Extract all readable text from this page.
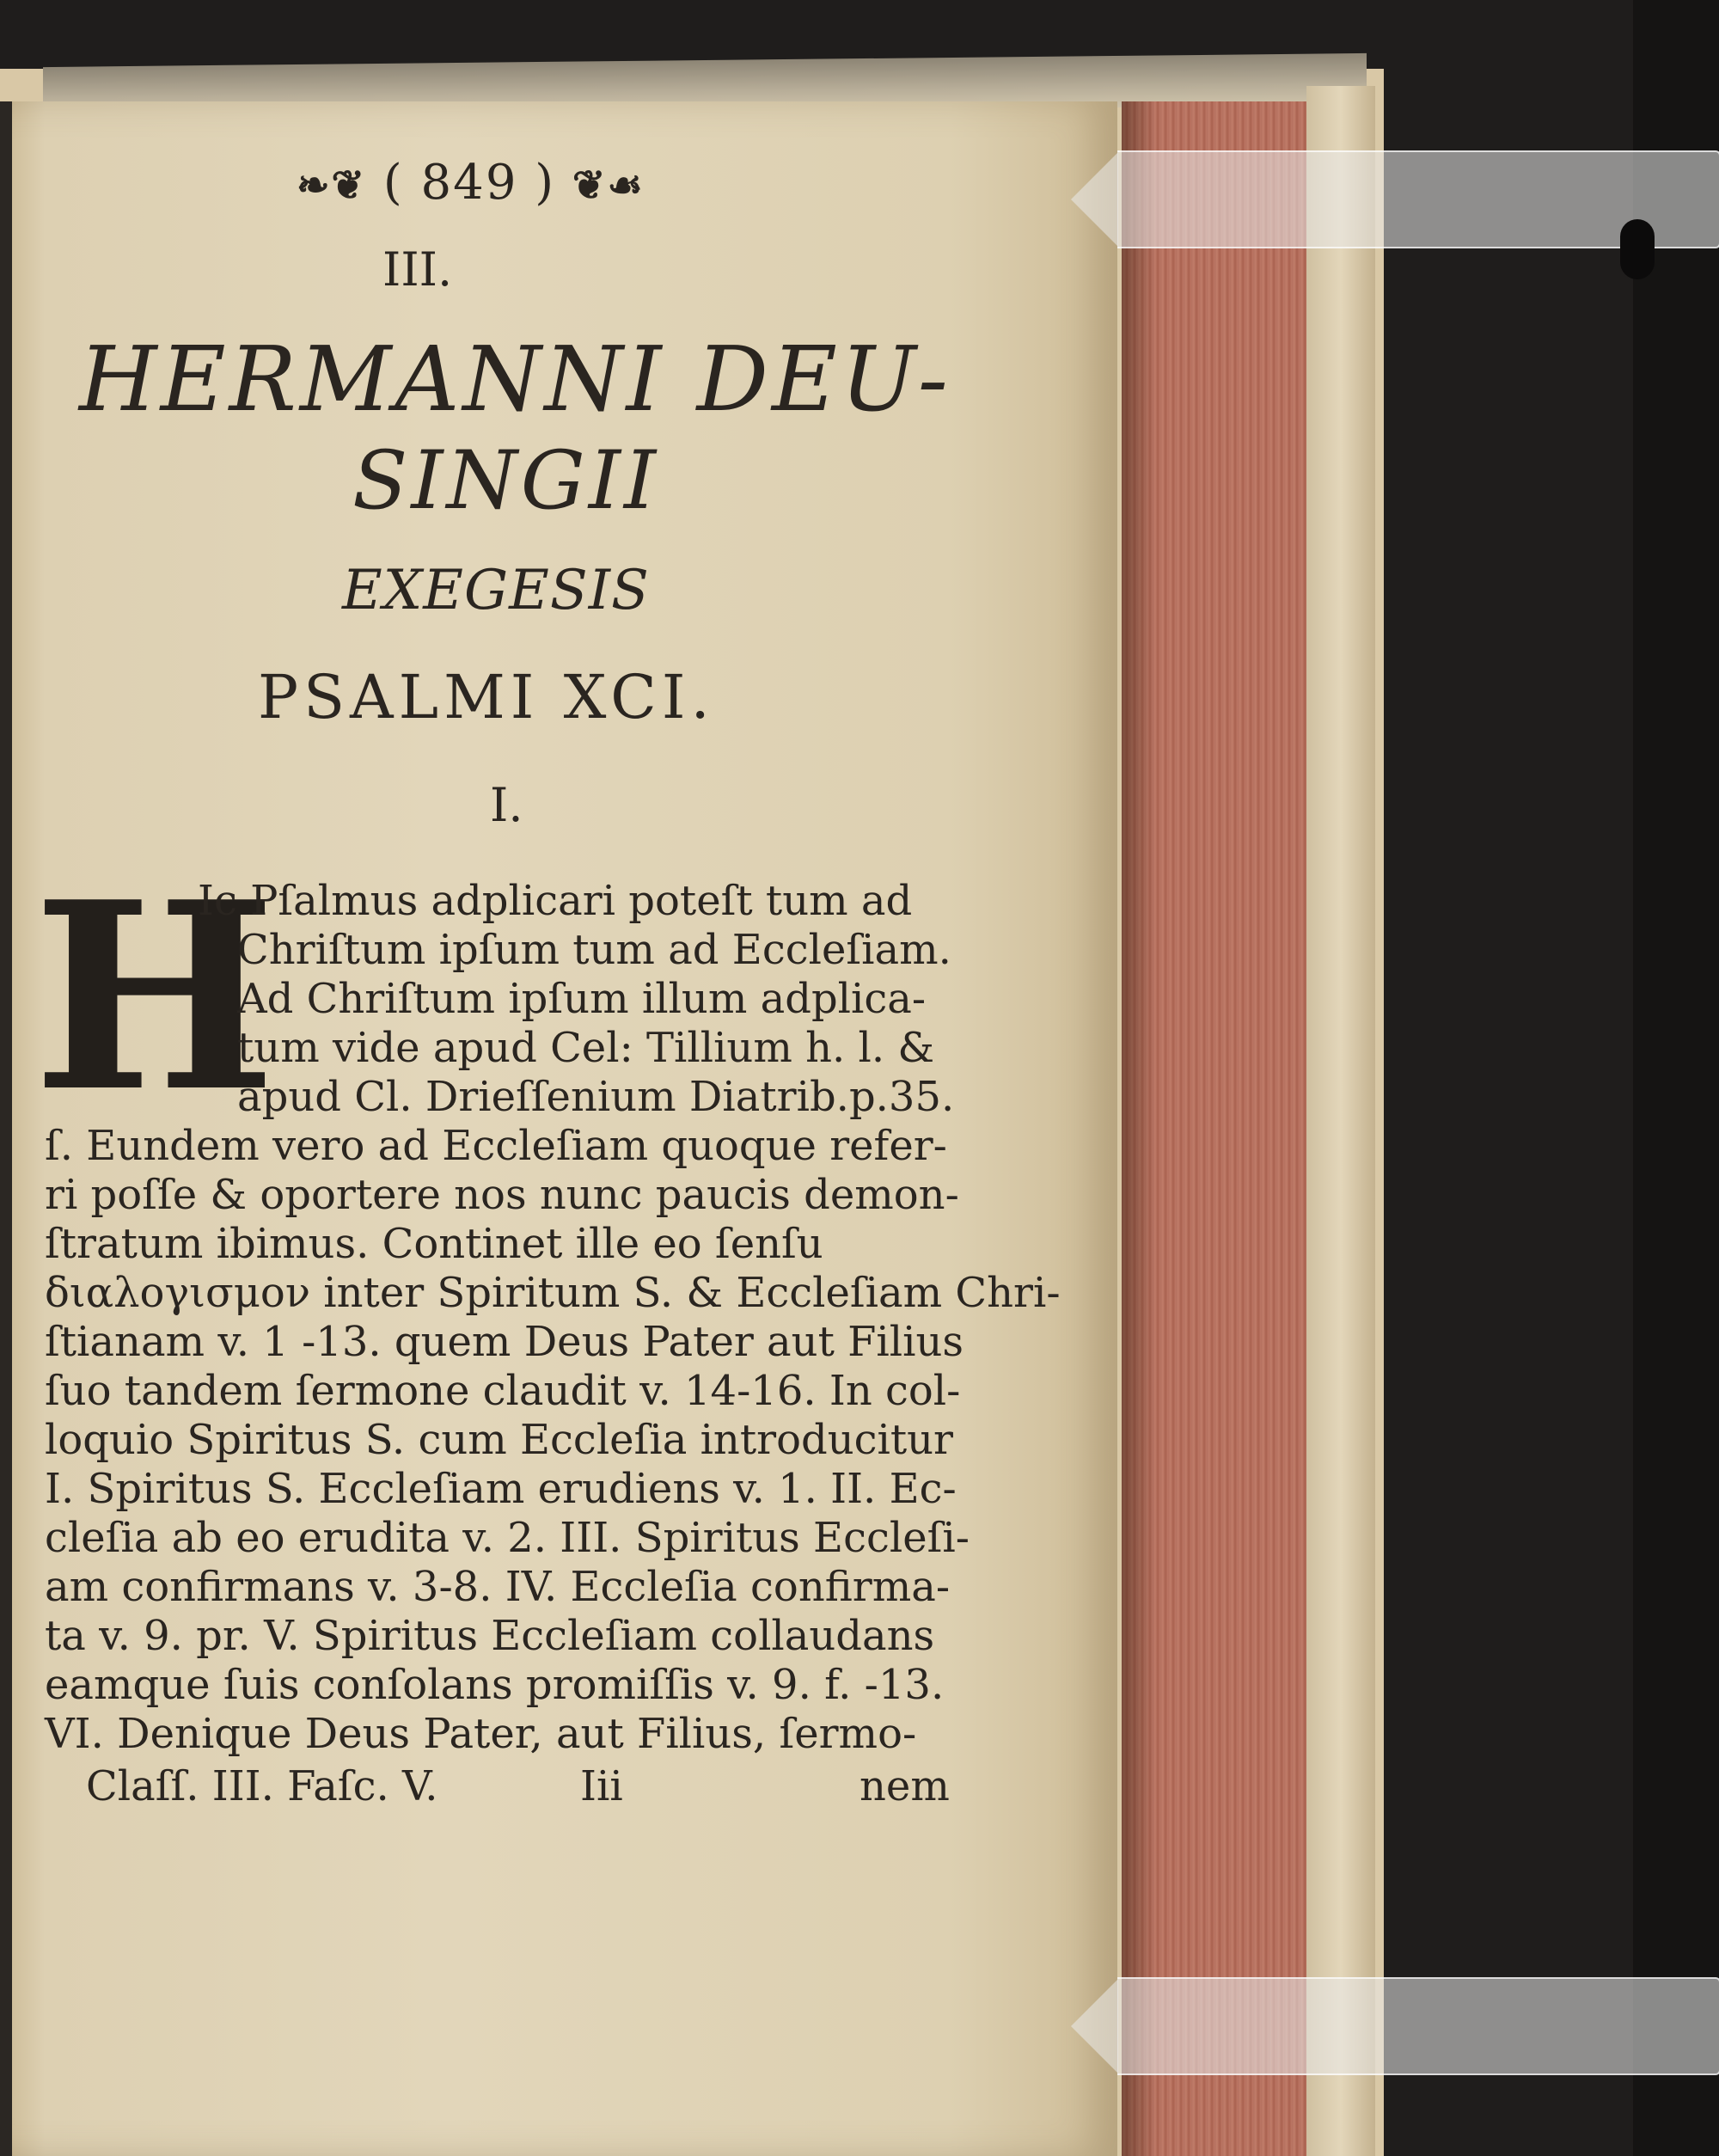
❧❦ ( 849 ) ❦☙
III.
HERMANNI DEU-
SINGII
EXEGESIS
PSALMI XCI.
I.
H
Ic Pſalmus adplicari poteſt tum ad
Chriſtum ipſum tum ad Eccleſiam.
Ad Chriſtum ipſum illum adplica-
tum vide apud Cel: Tillium h. l. &
apud Cl. Drieſſenium Diatrib.p.35.
ſ. Eundem vero ad Eccleſiam quoque refer-
ri poſſe & oportere nos nunc paucis demon-
ſtratum ibimus. Continet ille eo ſenſu
διαλογισμον inter Spiritum S. & Eccleſiam Chri-
ſtianam v. 1 -13. quem Deus Pater aut Filius
ſuo tandem ſermone claudit v. 14-16. In col-
loquio Spiritus S. cum Eccleſia introducitur
I. Spiritus S. Eccleſiam erudiens v. 1. II. Ec-
cleſia ab eo erudita v. 2. III. Spiritus Eccleſi-
am confirmans v. 3-8. IV. Eccleſia confirma-
ta v. 9. pr. V. Spiritus Eccleſiam collaudans
eamque ſuis conſolans promiſſis v. 9. f. -13.
VI. Denique Deus Pater, aut Filius, ſermo-
Claſſ. III. Faſc. V.	Iii	nem
